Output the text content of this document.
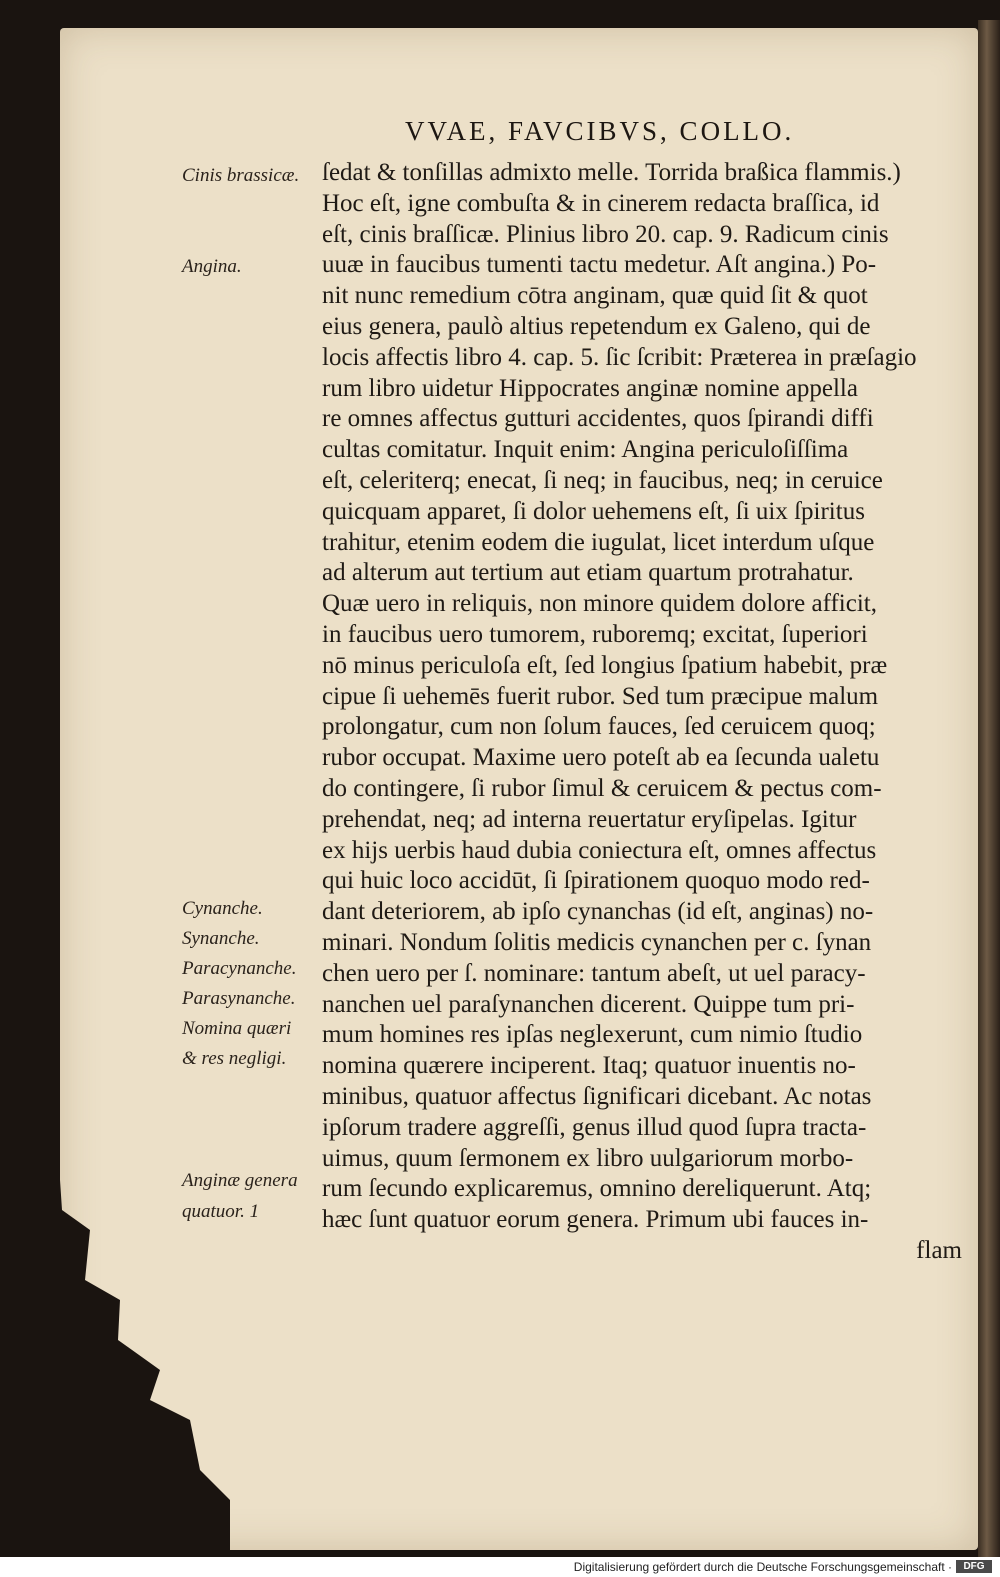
VVAE, FAVCIBVS, COLLO.
Cinis brassicæ.
Angina.
Cynanche.
Synanche.
Paracynanche.
Parasynanche.
Nomina quæri
& res negligi.
Anginæ genera
quatuor. 1
ſedat & tonſillas admixto melle. Torrida braßica flammis.)
Hoc eſt, igne combuſta & in cinerem redacta braſſica, id
eſt, cinis braſſicæ. Plinius libro 20. cap. 9. Radicum cinis
uuæ in faucibus tumenti tactu medetur. Aſt angina.) Po-
nit nunc remedium cōtra anginam, quæ quid ſit & quot
eius genera, paulò altius repetendum ex Galeno, qui de
locis affectis libro 4. cap. 5. ſic ſcribit: Præterea in præſagio
rum libro uidetur Hippocrates anginæ nomine appella
re omnes affectus gutturi accidentes, quos ſpirandi diffi
cultas comitatur. Inquit enim: Angina periculoſiſſima
eſt, celeriterq; enecat, ſi neq; in faucibus, neq; in ceruice
quicquam apparet, ſi dolor uehemens eſt, ſi uix ſpiritus
trahitur, etenim eodem die iugulat, licet interdum uſque
ad alterum aut tertium aut etiam quartum protrahatur.
Quæ uero in reliquis, non minore quidem dolore afficit,
in faucibus uero tumorem, ruboremq; excitat, ſuperiori
nō minus periculoſa eſt, ſed longius ſpatium habebit, præ
cipue ſi uehemēs fuerit rubor. Sed tum præcipue malum
prolongatur, cum non ſolum fauces, ſed ceruicem quoq;
rubor occupat. Maxime uero poteſt ab ea ſecunda ualetu
do contingere, ſi rubor ſimul & ceruicem & pectus com-
prehendat, neq; ad interna reuertatur eryſipelas. Igitur
ex hijs uerbis haud dubia coniectura eſt, omnes affectus
qui huic loco accidūt, ſi ſpirationem quoquo modo red-
dant deteriorem, ab ipſo cynanchas (id eſt, anginas) no-
minari. Nondum ſolitis medicis cynanchen per c. ſynan
chen uero per ſ. nominare: tantum abeſt, ut uel paracy-
nanchen uel paraſynanchen dicerent. Quippe tum pri-
mum homines res ipſas neglexerunt, cum nimio ſtudio
nomina quærere inciperent. Itaq; quatuor inuentis no-
minibus, quatuor affectus ſignificari dicebant. Ac notas
ipſorum tradere aggreſſi, genus illud quod ſupra tracta-
uimus, quum ſermonem ex libro uulgariorum morbo-
rum ſecundo explicaremus, omnino dereliquerunt. Atq;
hæc ſunt quatuor eorum genera. Primum ubi fauces in-
flam
Digitalisierung gefördert durch die Deutsche Forschungsgemeinschaft ·	DFG
